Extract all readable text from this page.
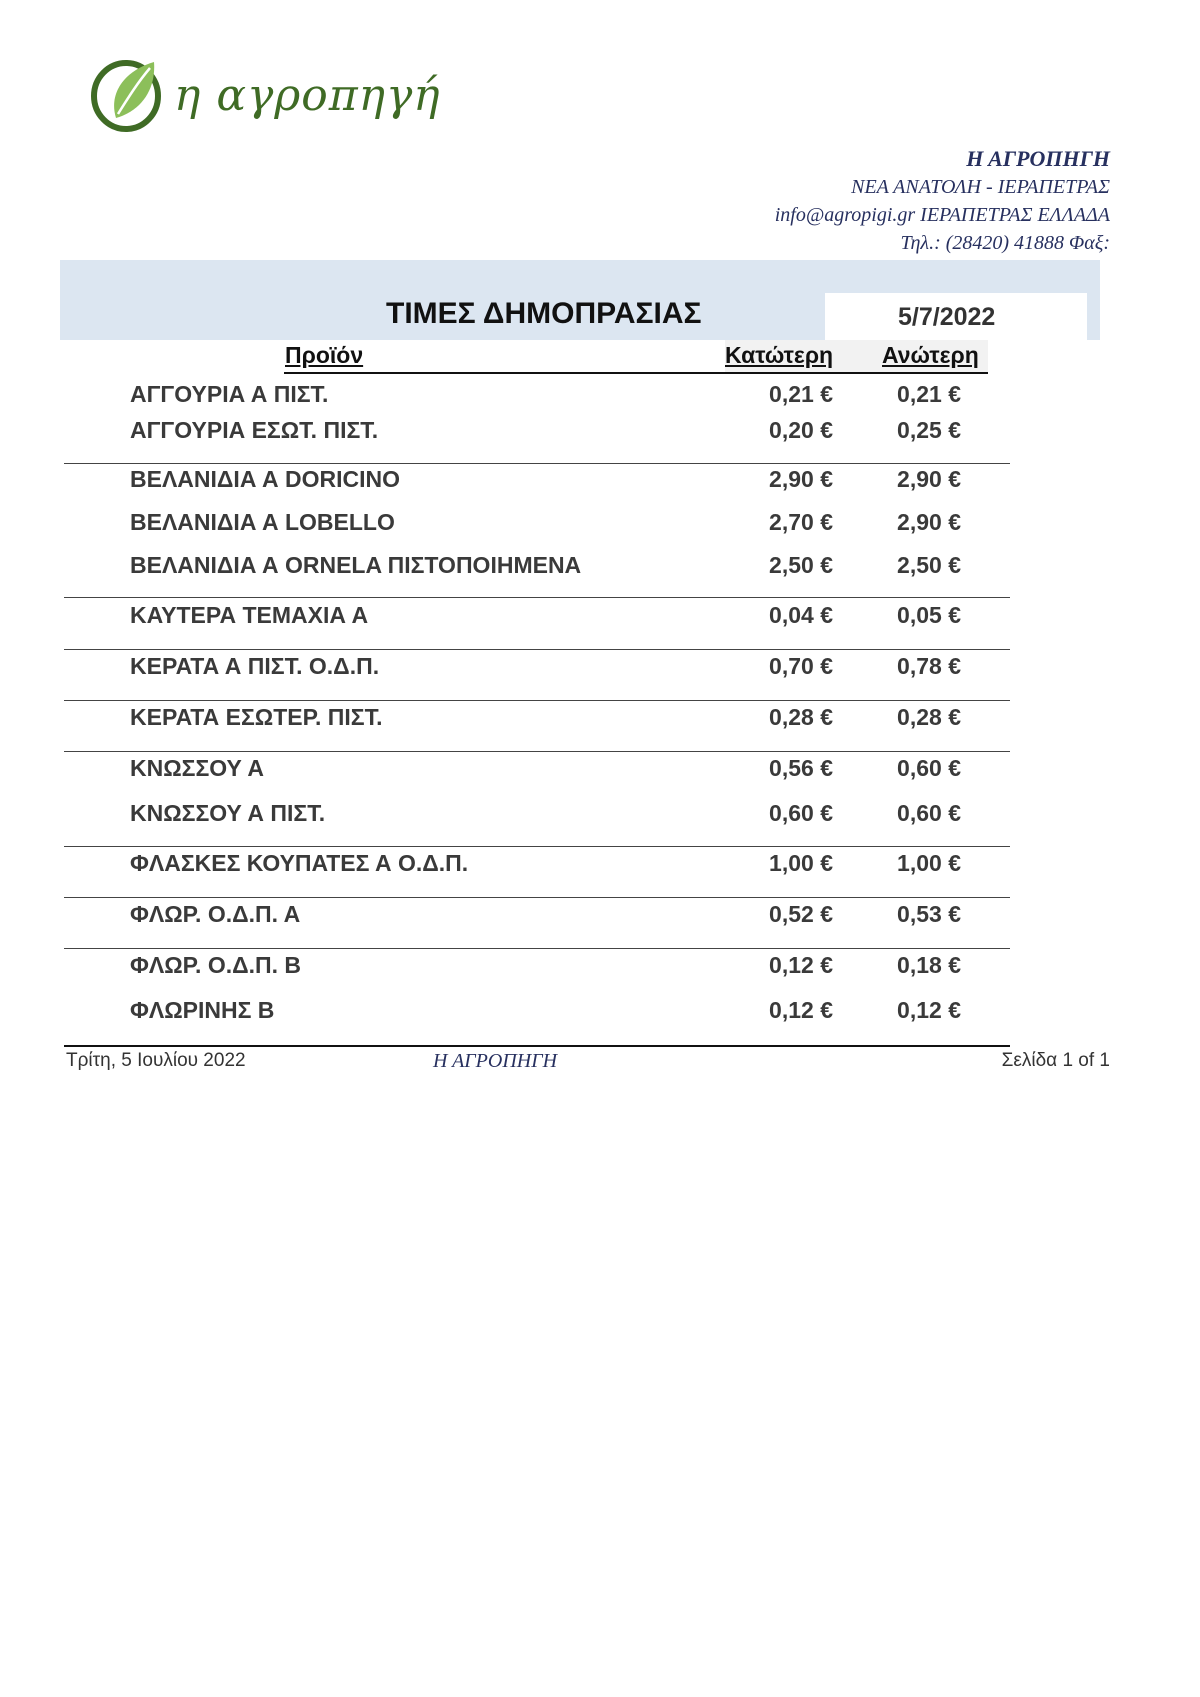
η αγροπηγή
Η ΑΓΡΟΠΗΓΗ
ΝΕΑ ΑΝΑΤΟΛΗ - ΙΕΡΑΠΕΤΡΑΣ
info@agropigi.gr ΙΕΡΑΠΕΤΡΑΣ ΕΛΛΑΔΑ
Τηλ.: (28420) 41888 Φαξ:
ΤΙΜΕΣ ΔΗΜΟΠΡΑΣΙΑΣ	5/7/2022
Προϊόν	Κατώτερη Ανώτερη
ΑΓΓΟΥΡΙΑ Α ΠΙΣΤ.	0,21 €	0,21 €
ΑΓΓΟΥΡΙΑ ΕΣΩΤ. ΠΙΣΤ.	0,20 €	0,25 €
ΒΕΛΑΝΙΔΙΑ Α DORICINO	2,90 €	2,90 €
ΒΕΛΑΝΙΔΙΑ Α LOBELLO	2,70 €	2,90 €
ΒΕΛΑΝΙΔΙΑ Α ORNELA ΠΙΣΤΟΠΟΙΗΜΕΝΑ	2,50 €	2,50 €
ΚΑΥΤΕΡΑ ΤΕΜΑΧΙΑ Α	0,04 €	0,05 €
ΚΕΡΑΤΑ Α ΠΙΣΤ. Ο.Δ.Π.	0,70 €	0,78 €
ΚΕΡΑΤΑ ΕΣΩΤΕΡ. ΠΙΣΤ.	0,28 €	0,28 €
ΚΝΩΣΣΟΥ Α	0,56 €	0,60 €
ΚΝΩΣΣΟΥ Α ΠΙΣΤ.	0,60 €	0,60 €
ΦΛΑΣΚΕΣ ΚΟΥΠΑΤΕΣ Α Ο.Δ.Π.	1,00 €	1,00 €
ΦΛΩΡ. Ο.Δ.Π. Α	0,52 €	0,53 €
ΦΛΩΡ. Ο.Δ.Π. Β	0,12 €	0,18 €
ΦΛΩΡΙΝΗΣ Β	0,12 €	0,12 €
Τρίτη, 5 Ιουλίου 2022	Η ΑΓΡΟΠΗΓΗ	Σελίδα 1 of 1
